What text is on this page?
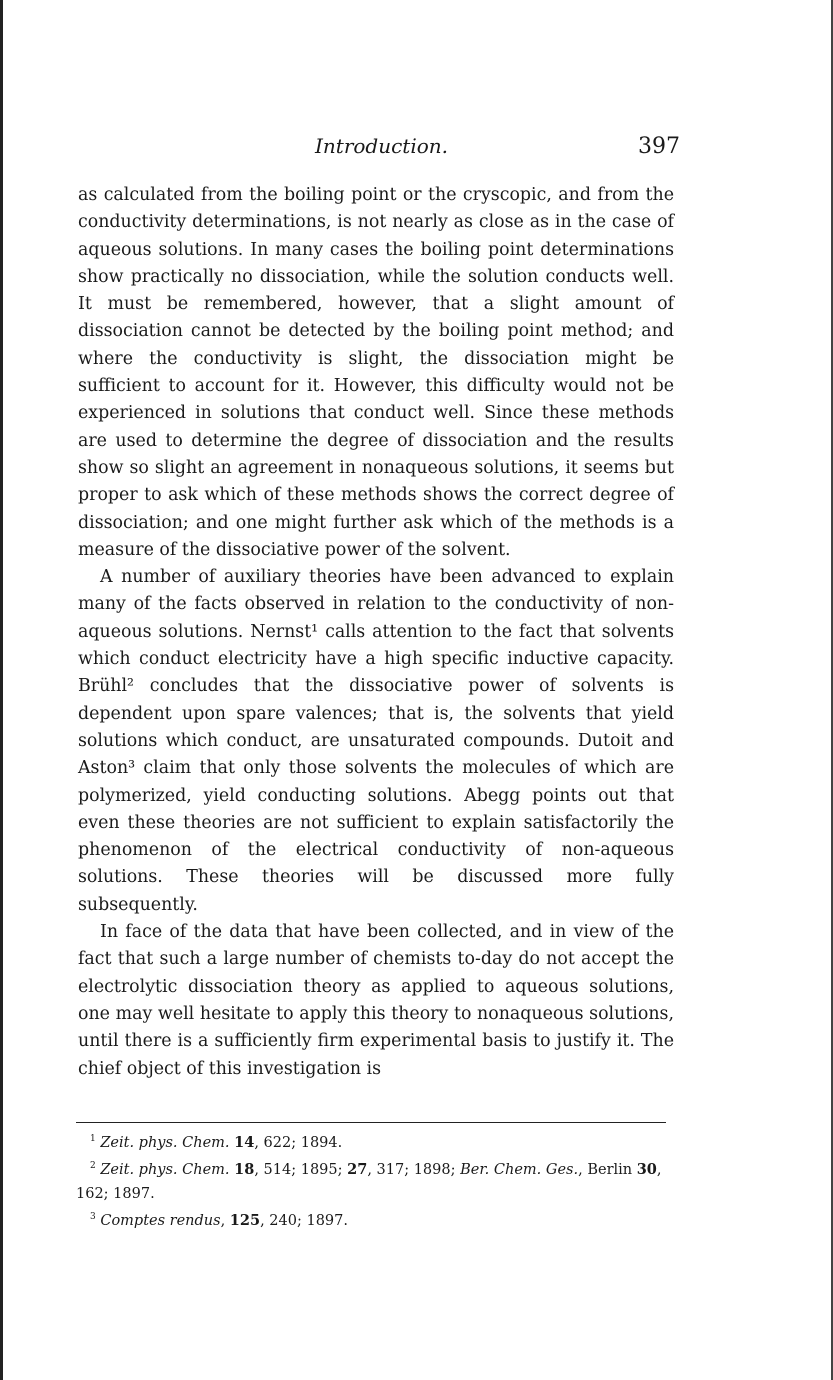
Introduction.	397

as calculated from the boiling point or the cryscopic, and from the conductivity determinations, is not nearly as close as in the case of aqueous solutions. In many cases the boiling point determinations show practically no dissociation, while the solution conducts well. It must be remembered, however, that a slight amount of dissociation cannot be detected by the boiling point method; and where the conductivity is slight, the dissociation might be sufficient to account for it. However, this difficulty would not be experienced in solutions that conduct well. Since these methods are used to determine the degree of dissociation and the results show so slight an agreement in nonaqueous solutions, it seems but proper to ask which of these methods shows the correct degree of dissociation; and one might further ask which of the methods is a measure of the dissociative power of the solvent.

A number of auxiliary theories have been advanced to explain many of the facts observed in relation to the conductivity of non-aqueous solutions. Nernst¹ calls attention to the fact that solvents which conduct electricity have a high specific inductive capacity. Brühl² concludes that the dissociative power of solvents is dependent upon spare valences; that is, the solvents that yield solutions which conduct, are unsaturated compounds. Dutoit and Aston³ claim that only those solvents the molecules of which are polymerized, yield conducting solutions. Abegg points out that even these theories are not sufficient to explain satisfactorily the phenomenon of the electrical conductivity of non-aqueous solutions. These theories will be discussed more fully subsequently.

In face of the data that have been collected, and in view of the fact that such a large number of chemists to-day do not accept the electrolytic dissociation theory as applied to aqueous solutions, one may well hesitate to apply this theory to nonaqueous solutions, until there is a sufficiently firm experimental basis to justify it. The chief object of this investigation is

$^1$ Zeit. phys. Chem. 14, 622; 1894.

$^2$ Zeit. phys. Chem. 18, 514; 1895; 27, 317; 1898; Ber. Chem. Ges., Berlin 30, 162; 1897.

$^3$ Comptes rendus, 125, 240; 1897.
